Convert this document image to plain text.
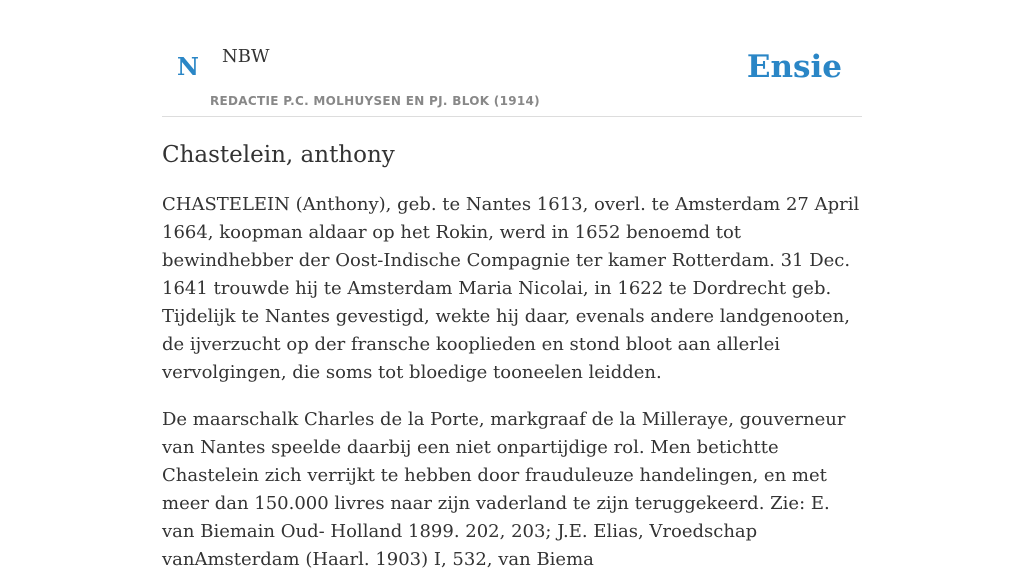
N NBW
REDACTIE P.C. MOLHUYSEN EN PJ. BLOK (1914)
Ensie
Chastelein, anthony

CHASTELEIN (Anthony), geb. te Nantes 1613, overl. te Amsterdam 27 April 1664, koopman aldaar op het Rokin, werd in 1652 benoemd tot bewindhebber der Oost-Indische Compagnie ter kamer Rotterdam. 31 Dec. 1641 trouwde hij te Amsterdam Maria Nicolai, in 1622 te Dordrecht geb. Tijdelijk te Nantes gevestigd, wekte hij daar, evenals andere landgenooten, de ijverzucht op der fransche kooplieden en stond bloot aan allerlei vervolgingen, die soms tot bloedige tooneelen leidden.

De maarschalk Charles de la Porte, markgraaf de la Milleraye, gouverneur van Nantes speelde daarbij een niet onpartijdige rol. Men betichtte Chastelein zich verrijkt te hebben door frauduleuze handelingen, en met meer dan 150.000 livres naar zijn vaderland te zijn teruggekeerd. Zie: E. van Biemain Oud- Holland 1899. 202, 203; J.E. Elias, Vroedschap vanAmsterdam (Haarl. 1903) I, 532, van Biema
